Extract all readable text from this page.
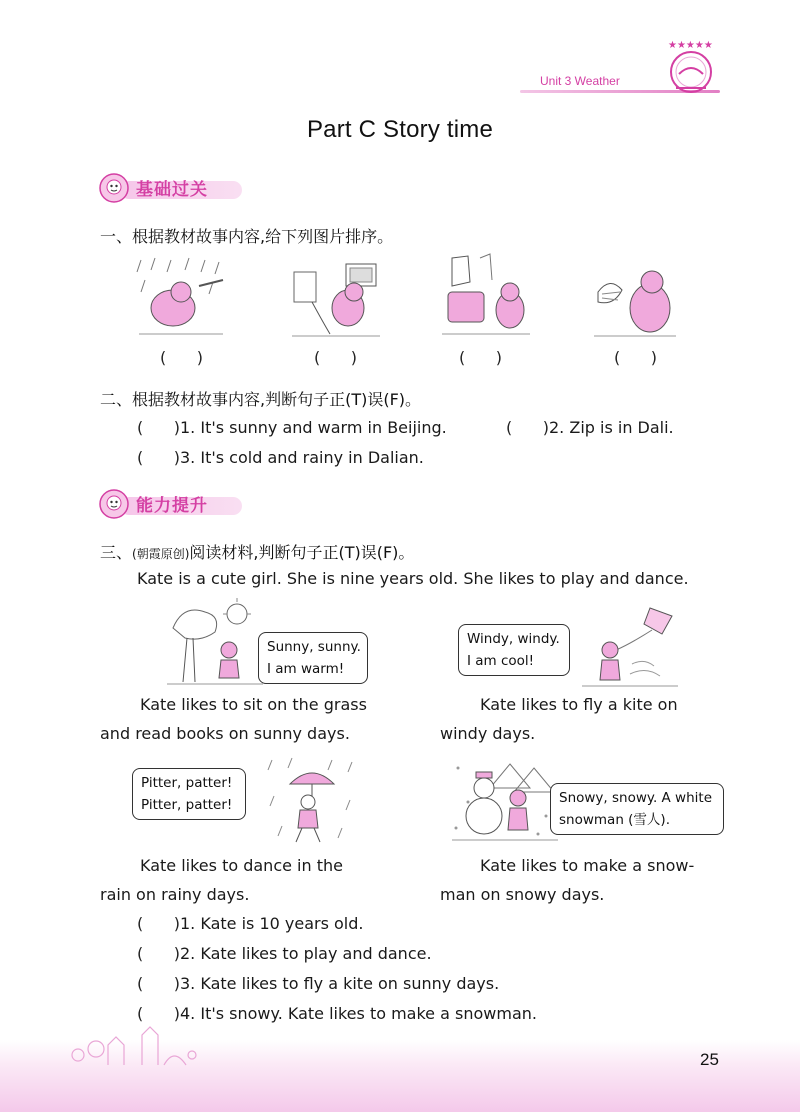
Unit 3 Weather
★★★★★
Part C Story time
基础过关
一、根据教材故事内容,给下列图片排序。
(      )	(      )	(      )	(      )
二、根据教材故事内容,判断句子正(T)误(F)。
(      )1. It's sunny and warm in Beijing.	(      )2. Zip is in Dali.
(      )3. It's cold and rainy in Dalian.
能力提升
三、(朝霞原创)阅读材料,判断句子正(T)误(F)。
Kate is a cute girl. She is nine years old. She likes to play and dance.
Sunny, sunny.
I am warm!
Windy, windy.
I am cool!
Kate likes to sit on the grass
and read books on sunny days.
Kate likes to fly a kite on
windy days.
Pitter, patter!
Pitter, patter!	Snowy, snowy. A white
snowman (雪人).
Kate likes to dance in the
rain on rainy days.
Kate likes to make a snow-
man on snowy days.
(      )1. Kate is 10 years old.
(      )2. Kate likes to play and dance.
(      )3. Kate likes to fly a kite on sunny days.
(      )4. It's snowy. Kate likes to make a snowman.
25
